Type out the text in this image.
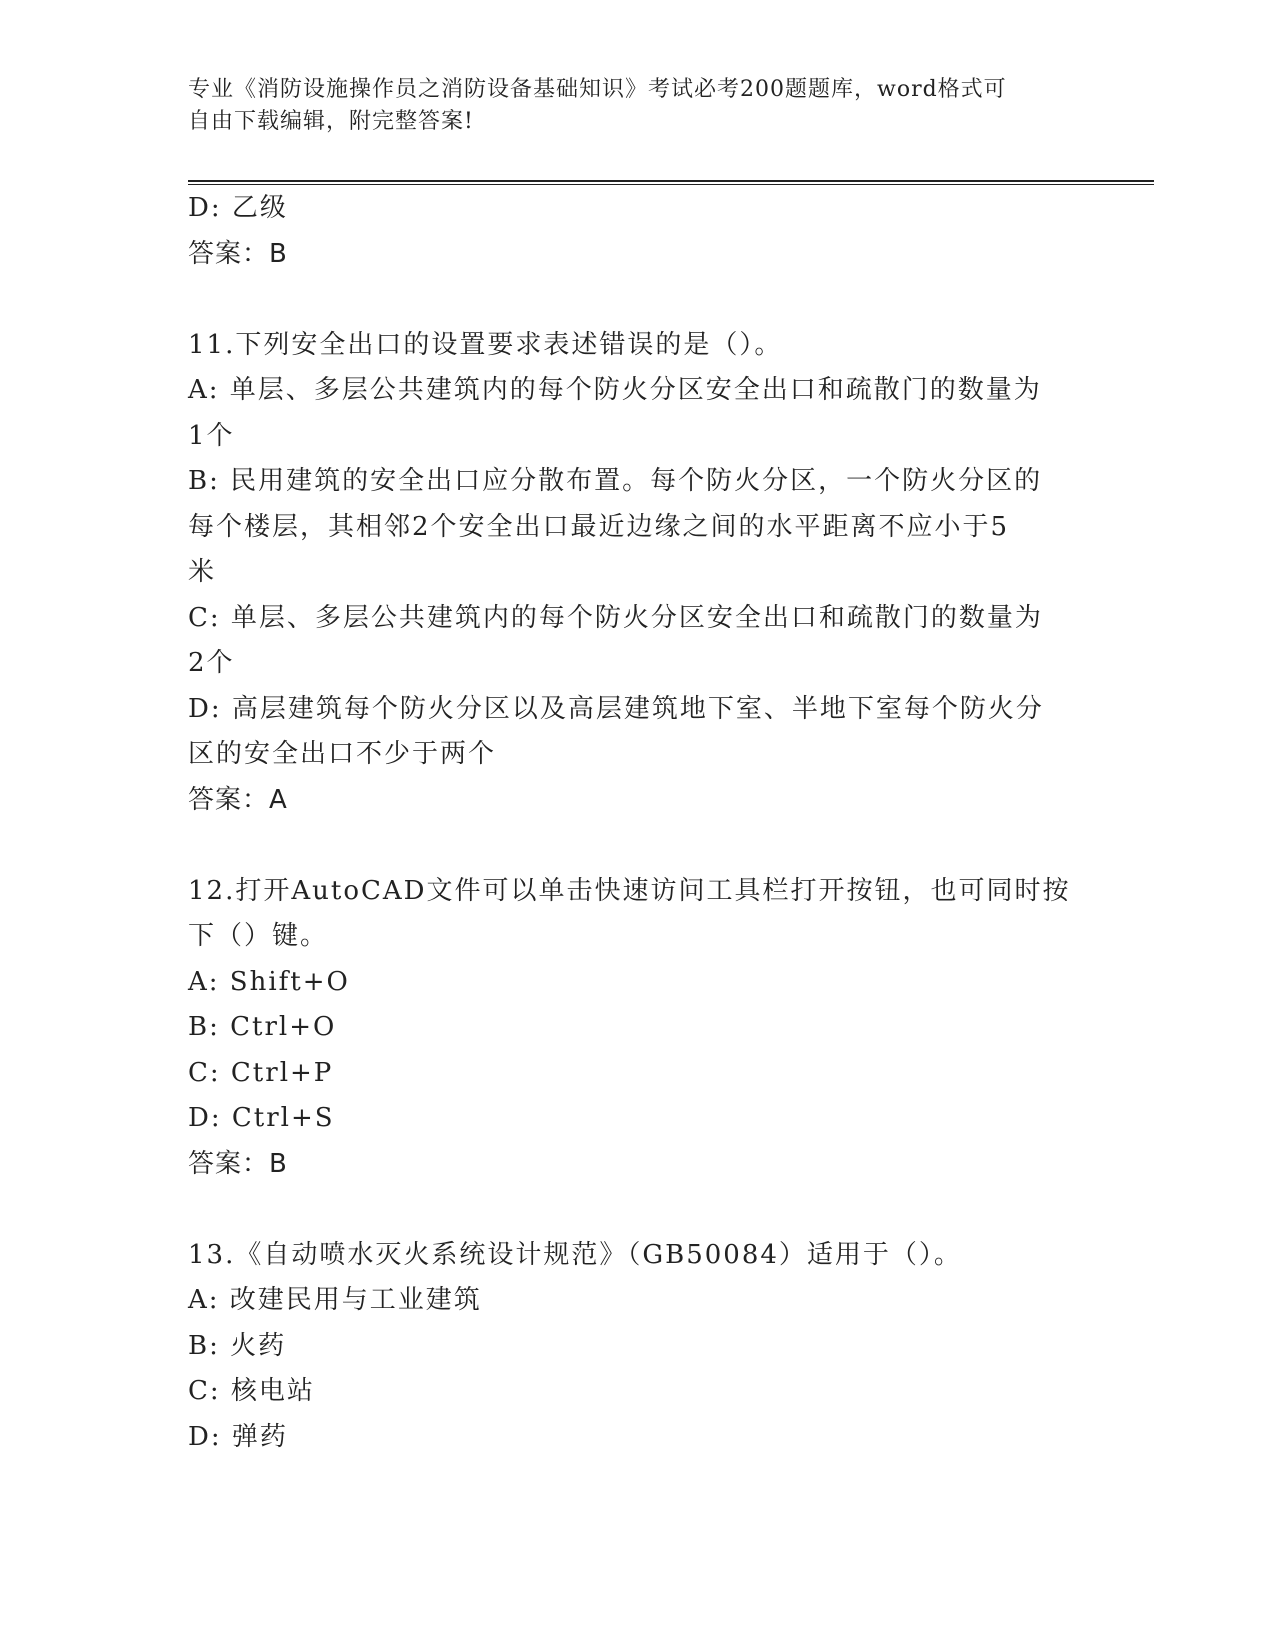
专业《消防设施操作员之消防设备基础知识》考试必考200题题库，word格式可
自由下载编辑，附完整答案!
D: 乙级
答案：B
11.下列安全出口的设置要求表述错误的是（）。
A: 单层、多层公共建筑内的每个防火分区安全出口和疏散门的数量为
1个
B: 民用建筑的安全出口应分散布置。每个防火分区，一个防火分区的
每个楼层，其相邻2个安全出口最近边缘之间的水平距离不应小于5
米
C: 单层、多层公共建筑内的每个防火分区安全出口和疏散门的数量为
2个
D: 高层建筑每个防火分区以及高层建筑地下室、半地下室每个防火分
区的安全出口不少于两个
答案：A
12.打开AutoCAD文件可以单击快速访问工具栏打开按钮，也可同时按
下（）键。
A: Shift+O
B: Ctrl+O
C: Ctrl+P
D: Ctrl+S
答案：B
13.《自动喷水灭火系统设计规范》（GB50084）适用于（）。
A: 改建民用与工业建筑
B: 火药
C: 核电站
D: 弹药
